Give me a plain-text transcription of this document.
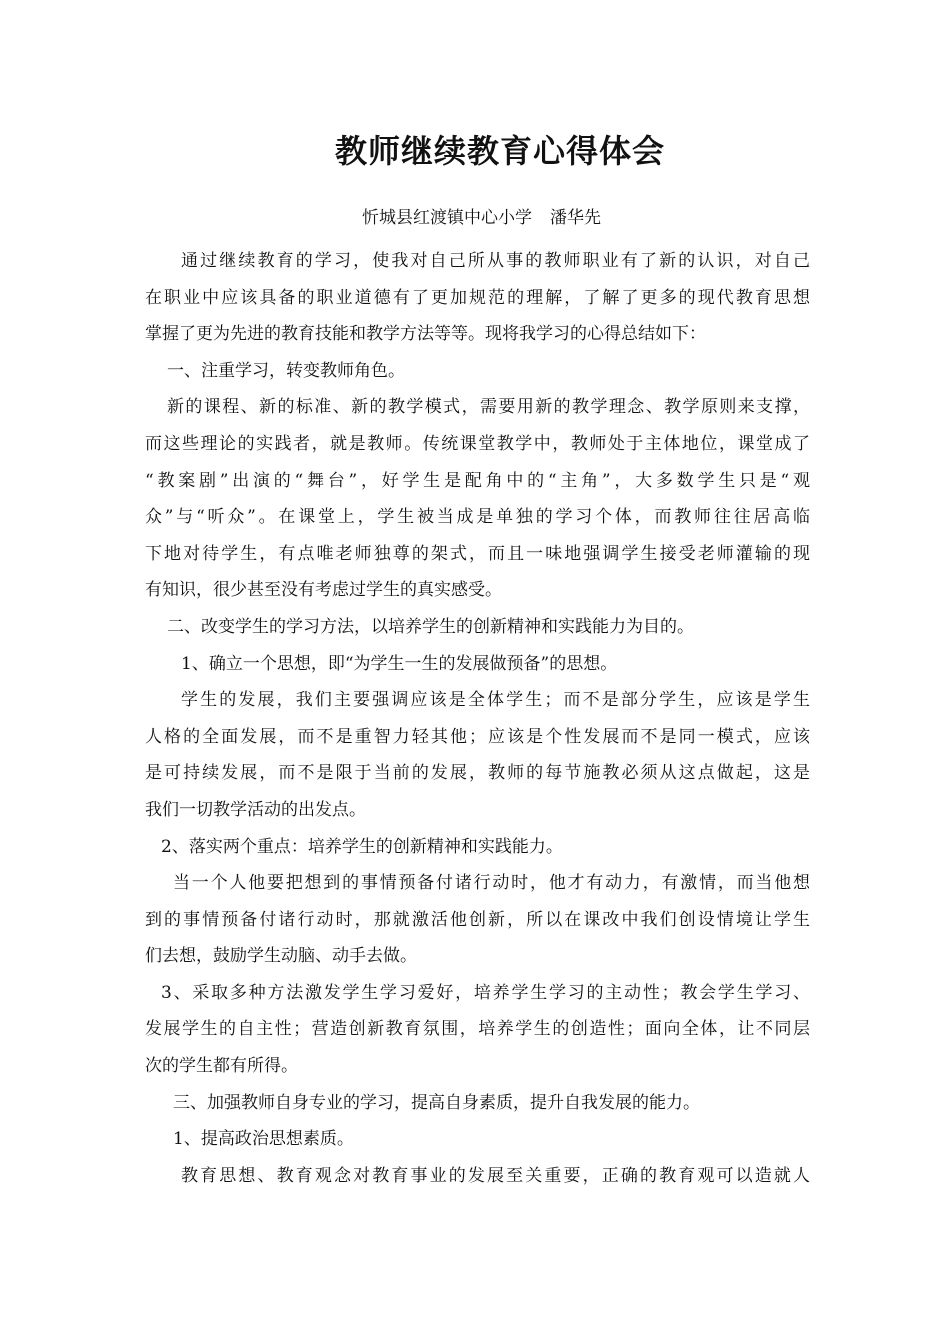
教师继续教育心得体会
忻城县红渡镇中心小学 潘华先
通过继续教育的学习，使我对自己所从事的教师职业有了新的认识，对自己
在职业中应该具备的职业道德有了更加规范的理解，了解了更多的现代教育思想
掌握了更为先进的教育技能和教学方法等等。现将我学习的心得总结如下：
一、注重学习，转变教师角色。
新的课程、新的标准、新的教学模式，需要用新的教学理念、教学原则来支撑，
而这些理论的实践者，就是教师。传统课堂教学中，教师处于主体地位，课堂成了
“教案剧”出演的“舞台”，好学生是配角中的“主角”，大多数学生只是“观
众”与“听众”。在课堂上，学生被当成是单独的学习个体，而教师往往居高临
下地对待学生，有点唯老师独尊的架式，而且一味地强调学生接受老师灌输的现
有知识，很少甚至没有考虑过学生的真实感受。
二、改变学生的学习方法，以培养学生的创新精神和实践能力为目的。
1、确立一个思想，即“为学生一生的发展做预备”的思想。
学生的发展，我们主要强调应该是全体学生；而不是部分学生，应该是学生
人格的全面发展，而不是重智力轻其他；应该是个性发展而不是同一模式，应该
是可持续发展，而不是限于当前的发展，教师的每节施教必须从这点做起，这是
我们一切教学活动的出发点。
2、落实两个重点：培养学生的创新精神和实践能力。
当一个人他要把想到的事情预备付诸行动时，他才有动力，有激情，而当他想
到的事情预备付诸行动时，那就激活他创新，所以在课改中我们创设情境让学生
们去想，鼓励学生动脑、动手去做。
3、采取多种方法激发学生学习爱好，培养学生学习的主动性；教会学生学习、
发展学生的自主性；营造创新教育氛围，培养学生的创造性；面向全体，让不同层
次的学生都有所得。
三、加强教师自身专业的学习，提高自身素质，提升自我发展的能力。
1、提高政治思想素质。
教育思想、教育观念对教育事业的发展至关重要，正确的教育观可以造就人
